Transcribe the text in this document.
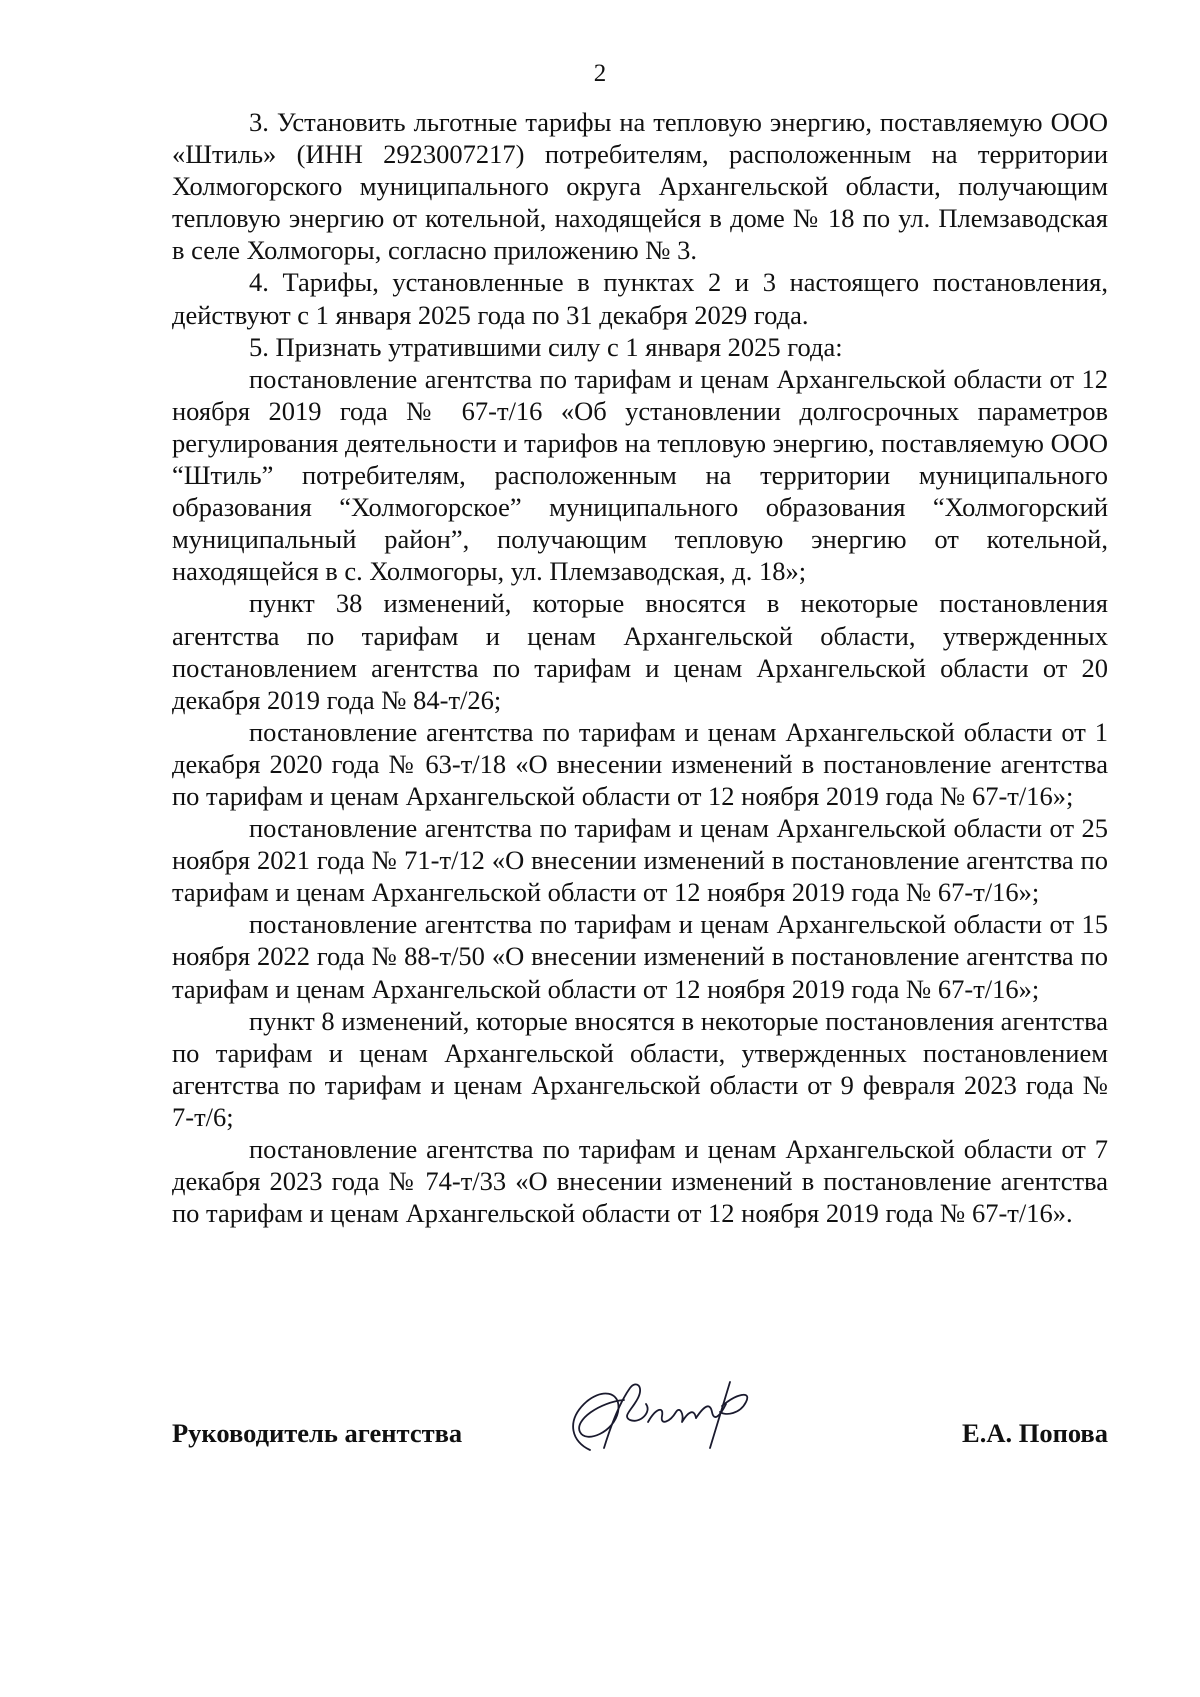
2

3. Установить льготные тарифы на тепловую энергию, поставляемую ООО «Штиль» (ИНН 2923007217) потребителям, расположенным на территории Холмогорского муниципального округа Архангельской области, получающим тепловую энергию от котельной, находящейся в доме № 18 по ул. Племзаводская в селе Холмогоры, согласно приложению № 3.

4. Тарифы, установленные в пунктах 2 и 3 настоящего постановления, действуют с 1 января 2025 года по 31 декабря 2029 года.

5. Признать утратившими силу с 1 января 2025 года:

постановление агентства по тарифам и ценам Архангельской области от 12 ноября 2019 года № 67-т/16 «Об установлении долгосрочных параметров регулирования деятельности и тарифов на тепловую энергию, поставляемую ООО “Штиль” потребителям, расположенным на территории муниципального образования “Холмогорское” муниципального образования “Холмогорский муниципальный район”, получающим тепловую энергию от котельной, находящейся в с. Холмогоры, ул. Племзаводская, д. 18»;

пункт 38 изменений, которые вносятся в некоторые постановления агентства по тарифам и ценам Архангельской области, утвержденных постановлением агентства по тарифам и ценам Архангельской области от 20 декабря 2019 года № 84-т/26;

постановление агентства по тарифам и ценам Архангельской области от 1 декабря 2020 года № 63-т/18 «О внесении изменений в постановление агентства по тарифам и ценам Архангельской области от 12 ноября 2019 года № 67-т/16»;

постановление агентства по тарифам и ценам Архангельской области от 25 ноября 2021 года № 71-т/12 «О внесении изменений в постановление агентства по тарифам и ценам Архангельской области от 12 ноября 2019 года № 67-т/16»;

постановление агентства по тарифам и ценам Архангельской области от 15 ноября 2022 года № 88-т/50 «О внесении изменений в постановление агентства по тарифам и ценам Архангельской области от 12 ноября 2019 года № 67-т/16»;

пункт 8 изменений, которые вносятся в некоторые постановления агентства по тарифам и ценам Архангельской области, утвержденных постановлением агентства по тарифам и ценам Архангельской области от 9 февраля 2023 года № 7-т/6;

постановление агентства по тарифам и ценам Архангельской области от 7 декабря 2023 года № 74-т/33 «О внесении изменений в постановление агентства по тарифам и ценам Архангельской области от 12 ноября 2019 года № 67-т/16».

Руководитель агентства	Е.А. Попова
